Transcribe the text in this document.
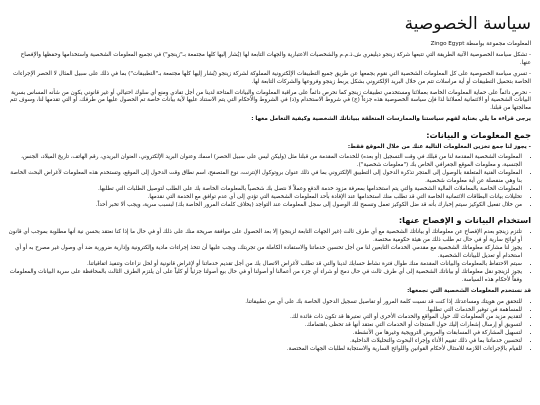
سياسة الخصوصية

المعلومات مجموعة بواسطة Zingo Egypt

- تشكل سياسة الخصوصية الآتية الطريقة التي تتبعها شركة زينجو ديليفري ش.ذ.م.م والشخصيات الاعتبارية والجهات التابعة لها (يُشار إليها كلها مجتمعة بـ"زينجو") في تجميع المعلومات الشخصية واستخدامها وحفظها والإفصاح عنها.

- تسري سياسة الخصوصية على كل المعلومات الشخصية التي نقوم بجمعها عن طريق جميع التطبيقات الإلكترونية المملوكة لشركة زينجو (يُشار إليها كلها مجتمعة بـ"التطبيقات") بما في ذلك على سبيل المثال لا الحصر الإجراءات الخاصة بتحميل التطبيقات أو أية مراسلات تتم من خلال البريد الإلكتروني بشكل يربط زينجو وفروعها والشركات التابعة لها.

- نحرص دائماً على حماية المعلومات الخاصة بعملائنا ومستخدمي تطبيقات زينجو كما نحرص دائماً على مراقبة المعلومات والبيانات المتاحة لدينا من أجل تفادي ومنع أي سلوك احتيالي أو غير قانوني يكون من شأنه المساس بسرية البيانات الشخصية أو الائتمانية لعملائنا لذا فإن سياسة الخصوصية هذه جزءاً (ج) في شروط الاستخدام و(د) في الشروط والأحكام التي يتم الاستناد عليها لأية بيانات خاصة تم الحصول عليها من طرفك، أو التي تقدمها لنا، وسوف تتم معالجتها من قبلنا.

يرجى قراءة ما يلي بعناية لفهم سياستنا والممارسات المتعلقة ببياناتك الشخصية وكيفية التعامل معها :

جمع المعلومات و البيانات:

- يجوز لنا جمع تخزين المعلومات التالية عنك من خلال الموقع فقط:

• المعلومات الشخصية المقدمة لنا من قبلك في وقت التسجيل (أو بعده) للخدمات المقدمة من قبلنا مثل (وليكن ليس على سبيل الحصر) اسمك وعنوان البريد الإلكتروني، العنوان البريدي، رقم الهاتف، تاريخ الميلاد، الجنس، الجنسية، و معلومات الموقع الجغرافي الخاص بك ("معلومات شخصية").
• المعلومات الفنية المتعلقة بالوصول إلى المتجر تذكرة الدخول إلى التطبيق الإلكتروني بما في ذلك عنوان بروتوكول الإنترنت، نوع المتصفح، اسم نطاق وقت الدخول إلى الموقع، وتستخدم هذه المعلومات لأغراض البحث الخاصة بنا وهي منفصلة عن أية معلومات شخصية.
• المعلومات الخاصة بالمعاملات المالية الشخصية والتي يتم استخدامها بمعرفة مزود خدمة الدفع وعملاً لا نتصل بك شخصياً بالمعلومات الخاصة بك على الطلب لتوصيل الطلبات التي تطلبها.
• تحليلات بيانات البطاقات الائتمانية الخاصة التي قد تطلب منك استخدامها عند الإفادة بأحد المعلومات الشخصية التي تؤدي إلى أي عدم توافق مع الخدمة التي نقدمها.
• من خلال تفعيل الكوكيز سيتم إخبارك بأنه قد ضل الكوكيز تعمل وتسمح لك الوصول إلى سجل المعلومات عند التواجد (بخلاف كلمات المرور الخاصة بك) لبسبب سرية، ويجب ألا تخبر أحداً.
استخدام البيانات و الإفصاح عنها:
• تلتزم زينجو بعدم الإفصاح عن معلوماتك أو بياناتك الشخصية مع أي طرف ثالث (غير الجهات التابعة لزينجو) إلا بعد الحصول على موافقة صريحة منك على ذلك أو في حال ما إذا كنا نعتقد بحسن نية أنها مطلوبة بموجب أي قانون أو لوائح سارية أو في حال تم طلب ذلك من هيئة حكومية مختصة.
• يجوز لنا مشاركة معلوماتك الشخصية مع مقدمي الخدمات التابعين لنا من أجل تحسين خدماتنا والاستفادة الكاملة من تجربتك، ويجب عليها أن تتخذ إجراءات مادية وإلكترونية وإدارية ضرورية ضد أي وصول غير مصرح به أو أي استخدام أو تعديل للبيانات الشخصية.
• سيتم الاحتفاظ بالمعلومات والبيانات المقدمة منك طوال فترة نشاط حسابك لدينا والتي قد تطلب لأغراض الاتصال بك من أجل تقديم خدماتنا أو لإغراض قانونية أو لحل نزاعات وتنفيذ اتفاقياتنا.
• يجوز لزينجو نقل معلوماتك أو بياناتك الشخصية إلى أي طرف ثالث في حال دمج أو شراء أي جزء من أعمالنا أو أصولنا أو في حال بيع أصولنا جزئياً أو كلياً على أن يلتزم الطرف الثالث بالمحافظة على سرية البيانات والمعلومات وفقاً لأحكام هذه السياسة.

قد نستخدم المعلومات الشخصية التي نجمعها:

• للتحقق من هويتك ومساعدتك إذا كنت قد نسيت كلمة المرور أو تفاصيل تسجيل الدخول الخاصة بك على أي من تطبيقاتنا.
• للمساهمة في توفير الخدمات التي تطلبها.
• لتقديم مزيد من المعلومات لك حول المواقع والخدمات الأخرى أو التي نعتبرها قد تكون ذات فائدة لك.
• لتسويق أو إرسال إشعارات إليك حول المنتجات أو الخدمات التي نعتقد أنها قد تحظى باهتمامك.
• لتسهيل المشاركة في المسابقات والعروض الترويجية وغيرها من الأنشطة.
• لتحسين خدماتنا بما في ذلك تقييم الأداء وإجراء البحوث والتحليلات الداخلية.
• للقيام بالإجراءات اللازمة للامتثال لأحكام القوانين واللوائح السارية والاستجابة لطلبات الجهات المختصة.
